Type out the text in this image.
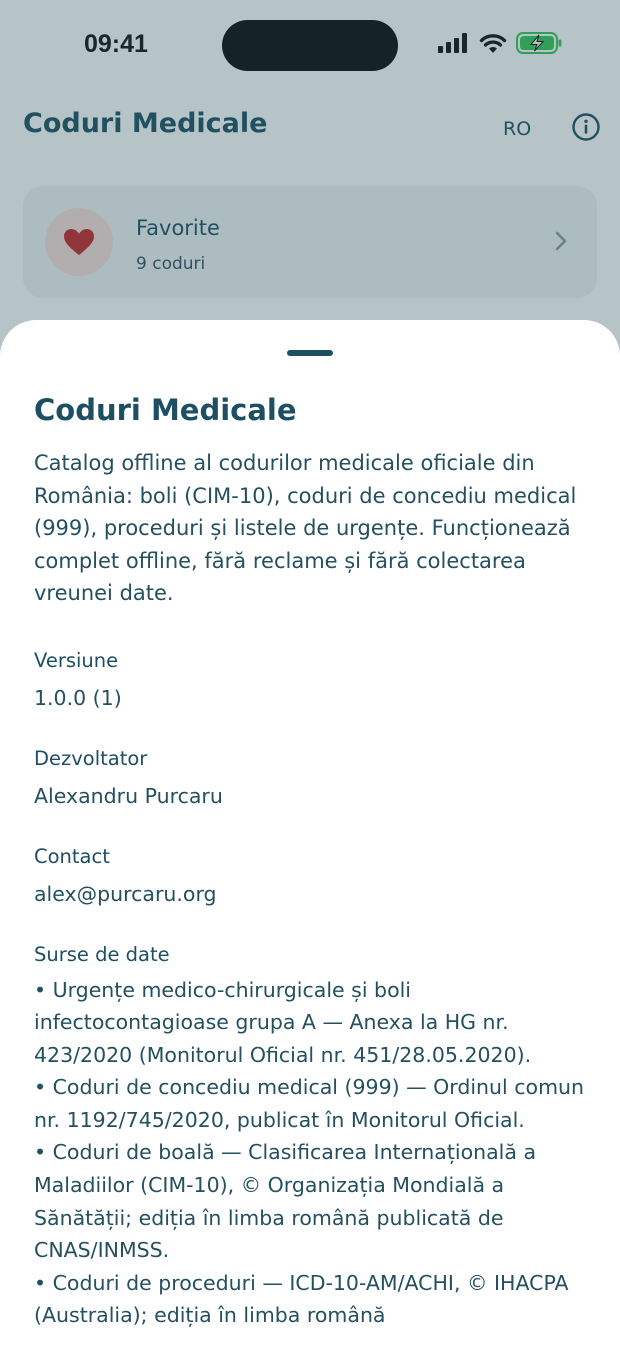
09:41
Coduri Medicale	RO
Favorite
9 coduri
Coduri Medicale
Catalog offline al codurilor medicale oficiale din România: boli (CIM-10), coduri de concediu medical (999), proceduri și listele de urgențe. Funcționează complet offline, fără reclame și fără colectarea vreunei date.
Versiune
1.0.0 (1)
Dezvoltator
Alexandru Purcaru
Contact
alex@purcaru.org
Surse de date
• Urgențe medico-chirurgicale și boli infectocontagioase grupa A — Anexa la HG nr. 423/2020 (Monitorul Oficial nr. 451/28.05.2020).
• Coduri de concediu medical (999) — Ordinul comun nr. 1192/745/2020, publicat în Monitorul Oficial.
• Coduri de boală — Clasificarea Internațională a Maladiilor (CIM-10), © Organizația Mondială a Sănătății; ediția în limba română publicată de CNAS/INMSS.
• Coduri de proceduri — ICD-10-AM/ACHI, © IHACPA (Australia); ediția în limba română
